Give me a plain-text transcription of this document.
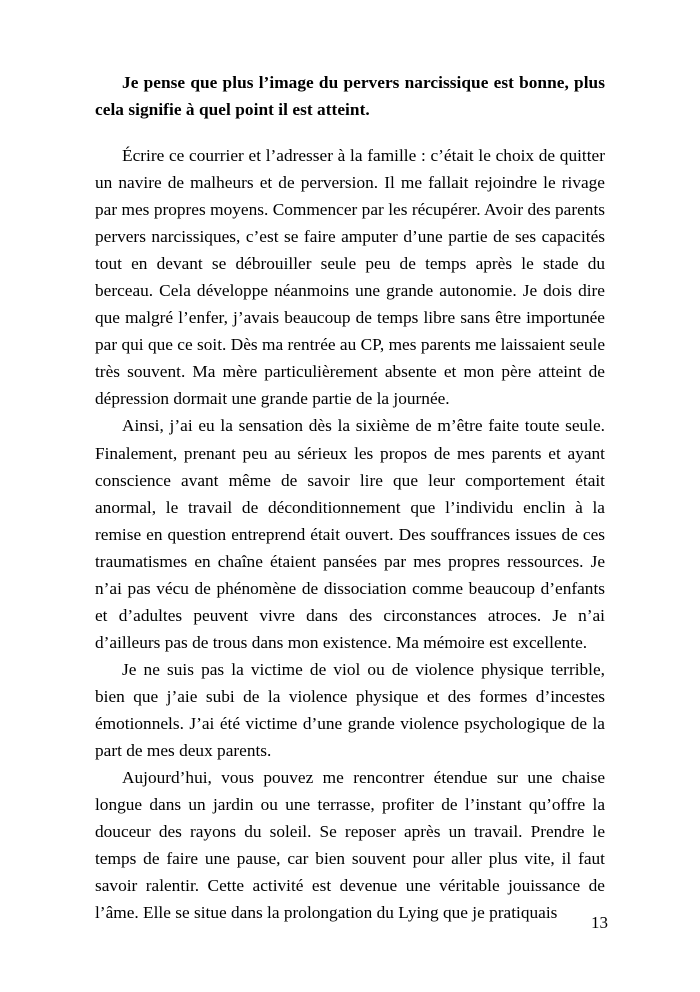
Je pense que plus l’image du pervers narcissique est bonne, plus cela signifie à quel point il est atteint.

Écrire ce courrier et l’adresser à la famille : c’était le choix de quitter un navire de malheurs et de perversion. Il me fallait rejoindre le rivage par mes propres moyens. Commencer par les récupérer. Avoir des parents pervers narcissiques, c’est se faire amputer d’une partie de ses capacités tout en devant se débrouiller seule peu de temps après le stade du berceau. Cela développe néanmoins une grande autonomie. Je dois dire que malgré l’enfer, j’avais beaucoup de temps libre sans être importunée par qui que ce soit. Dès ma rentrée au CP, mes parents me laissaient seule très souvent. Ma mère particulièrement absente et mon père atteint de dépression dormait une grande partie de la journée.

Ainsi, j’ai eu la sensation dès la sixième de m’être faite toute seule. Finalement, prenant peu au sérieux les propos de mes parents et ayant conscience avant même de savoir lire que leur comportement était anormal, le travail de déconditionnement que l’individu enclin à la remise en question entreprend était ouvert. Des souffrances issues de ces traumatismes en chaîne étaient pansées par mes propres ressources. Je n’ai pas vécu de phénomène de dissociation comme beaucoup d’enfants et d’adultes peuvent vivre dans des circonstances atroces. Je n’ai d’ailleurs pas de trous dans mon existence. Ma mémoire est excellente.

Je ne suis pas la victime de viol ou de violence physique terrible, bien que j’aie subi de la violence physique et des formes d’incestes émotionnels. J’ai été victime d’une grande violence psychologique de la part de mes deux parents.

Aujourd’hui, vous pouvez me rencontrer étendue sur une chaise longue dans un jardin ou une terrasse, profiter de l’instant qu’offre la douceur des rayons du soleil. Se reposer après un travail. Prendre le temps de faire une pause, car bien souvent pour aller plus vite, il faut savoir ralentir. Cette activité est devenue une véritable jouissance de l’âme. Elle se situe dans la prolongation du Lying que je pratiquais

13
